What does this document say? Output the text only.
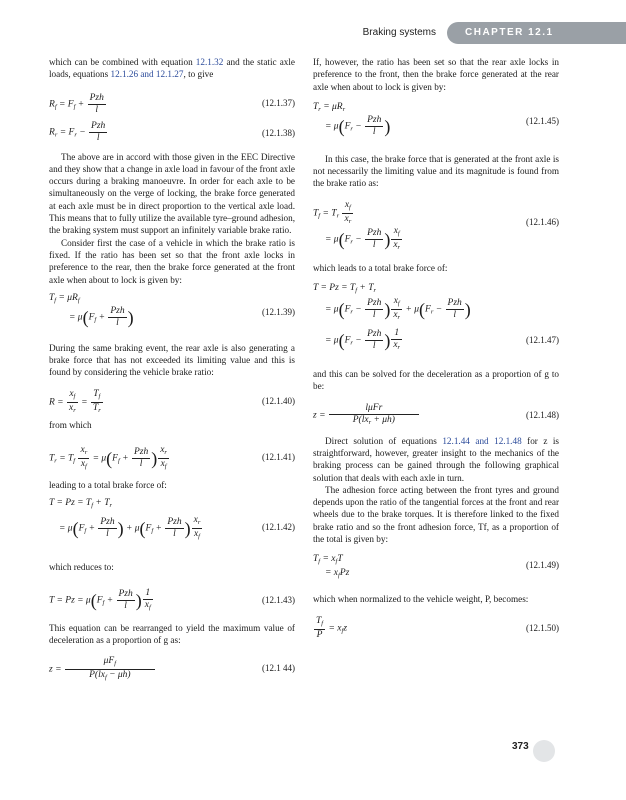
Braking systems	CHAPTER 12.1

which can be combined with equation 12.1.32 and the static axle loads, equations 12.1.26 and 12.1.27, to give

$R_f = F_f + \frac{\text{Pzh}}{l}$	(12.1.37)
$R_r = F_r - \frac{\text{Pzh}}{l}$	(12.1.38)

The above are in accord with those given in the EEC Directive and they show that a change in axle load in favour of the front axle occurs during a braking manoeuvre. In order for each axle to be simultaneously on the verge of locking, the brake force generated at each axle must be in direct proportion to the vertical axle load. This means that to fully utilize the available tyre–ground adhesion, the braking system must support an infinitely variable brake ratio.

Consider first the case of a vehicle in which the brake ratio is fixed. If the ratio has been set so that the front axle locks in preference to the rear, then the brake force generated at the front axle when about to lock is given by:

$T_f = \mu R_f$
= $\mu(F_f + \frac{\text{Pzh}}{l}$ )	(12.1.39)

During the same braking event, the rear axle is also generating a brake force that has not exceeded its limiting value and this is found by considering the vehicle brake ratio:

$R = \frac{x_f}{x_r} = \frac{T_f}{T_r}$	(12.1.40)

from which

$T_r = T_f \frac{x_r}{x_f} = \mu(F_f + \frac{\text{Pzh}}{l}$ ) $\frac{x_r}{x_f}$	(12.1.41)

leading to a total brake force of:

$T = Pz = T_f + T_r$
= $\mu(F_f + \frac{\text{Pzh}}{l}$ ) + $\mu(F_f + \frac{\text{Pzh}}{l}$ ) $\frac{x_r}{x_f}$	(12.1.42)

which reduces to:

$T = Pz = \mu(F_f + \frac{\text{Pzh}}{l}$ ) $\frac{1}{x_f}$	(12.1.43)

This equation can be rearranged to yield the maximum value of deceleration as a proportion of g as:

$z = \frac{\mu F_f}{P(lx_f - \mu h)}$	(12.1 44)

If, however, the ratio has been set so that the rear axle locks in preference to the front, then the brake force generated at the rear axle when about to lock is given by:

$T_r = \mu R_r$
= $\mu(F_r - \frac{\text{Pzh}}{l}$ )	(12.1.45)

In this case, the brake force that is generated at the front axle is not necessarily the limiting value and its magnitude is found from the brake ratio as:

$T_f = T_r \frac{x_f}{x_r}$
= $\mu(F_r - \frac{\text{Pzh}}{l}$ ) $\frac{x_f}{x_r}$
(12.1.46)

which leads to a total brake force of:

$T = Pz = T_f + T_r$
= $\mu(F_r - \frac{\text{Pzh}}{l}$ ) $\frac{x_f}{x_r} + \mu(F_r - \frac{\text{Pzh}}{l}$ )
= $\mu(F_r - \frac{\text{Pzh}}{l}$ ) $\frac{1}{x_r}$	(12.1.47)

and this can be solved for the deceleration as a proportion of g to be:

$z = \frac{\text{lμFr}}{P(lx_r + \mu h)}$	(12.1.48)

Direct solution of equations 12.1.44 and 12.1.48 for z is straightforward, however, greater insight to the mechanics of the braking process can be gained through the following graphical solution that deals with each axle in turn.

The adhesion force acting between the front tyres and ground depends upon the ratio of the tangential forces at the front and rear wheels due to the brake torques. It is therefore linked to the fixed brake ratio and so the front adhesion force, Tf, as a proportion of the total is given by:

$T_f = x_fT$
= $x_fPz$
(12.1.49)

which when normalized to the vehicle weight, P, becomes:

$\frac{T_f}{P} = x_fz$	(12.1.50)
373
